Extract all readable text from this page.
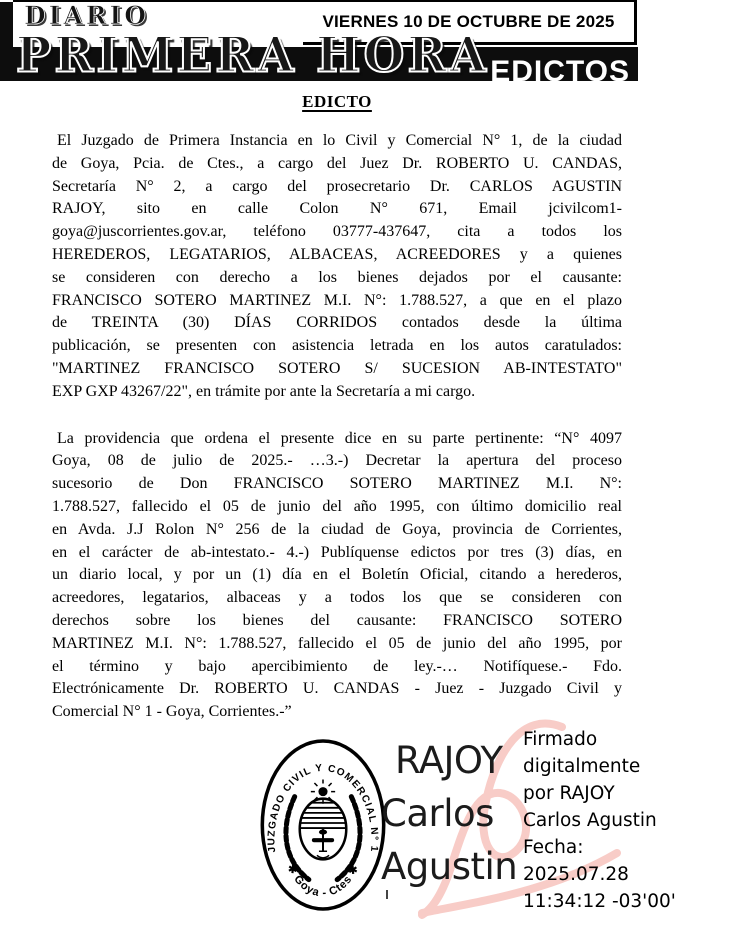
EDICTOS
VIERNES 10 DE OCTUBRE DE 2025
DIARIO
PRIMERA HORA
EDICTO
El Juzgado de Primera Instancia en lo Civil y Comercial N° 1, de la ciudad
de Goya, Pcia. de Ctes., a cargo del Juez Dr. ROBERTO U. CANDAS,
Secretaría N° 2, a cargo del prosecretario Dr. CARLOS AGUSTIN
RAJOY, sito en calle Colon N° 671, Email jcivilcom1-
goya@juscorrientes.gov.ar, teléfono 03777-437647, cita a todos los
HEREDEROS, LEGATARIOS, ALBACEAS, ACREEDORES y a quienes
se consideren con derecho a los bienes dejados por el causante:
FRANCISCO SOTERO MARTINEZ M.I. N°: 1.788.527, a que en el plazo
de TREINTA (30) DÍAS CORRIDOS contados desde la última
publicación, se presenten con asistencia letrada en los autos caratulados:
"MARTINEZ FRANCISCO SOTERO S/ SUCESION AB-INTESTATO"
EXP GXP 43267/22", en trámite por ante la Secretaría a mi cargo.
La providencia que ordena el presente dice en su parte pertinente: “N° 4097
Goya, 08 de julio de 2025.- …3.-) Decretar la apertura del proceso
sucesorio de Don FRANCISCO SOTERO MARTINEZ M.I. N°:
1.788.527, fallecido el 05 de junio del año 1995, con último domicilio real
en Avda. J.J Rolon N° 256 de la ciudad de Goya, provincia de Corrientes,
en el carácter de ab-intestato.- 4.-) Publíquense edictos por tres (3) días, en
un diario local, y por un (1) día en el Boletín Oficial, citando a herederos,
acreedores, legatarios, albaceas y a todos los que se consideren con
derechos sobre los bienes del causante: FRANCISCO SOTERO
MARTINEZ M.I. N°: 1.788.527, fallecido el 05 de junio del año 1995, por
el término y bajo apercibimiento de ley.-… Notifíquese.- Fdo.
Electrónicamente Dr. ROBERTO U. CANDAS - Juez - Juzgado Civil y
Comercial N° 1 - Goya, Corrientes.-”
JUZGADO CIVIL Y COMERCIAL N° 1
✱ Goya - Ctes ✱
RAJOY
Carlos
Agustin
Firmado
digitalmente
por RAJOY
Carlos Agustin
Fecha:
2025.07.28
11:34:12 -03'00'
